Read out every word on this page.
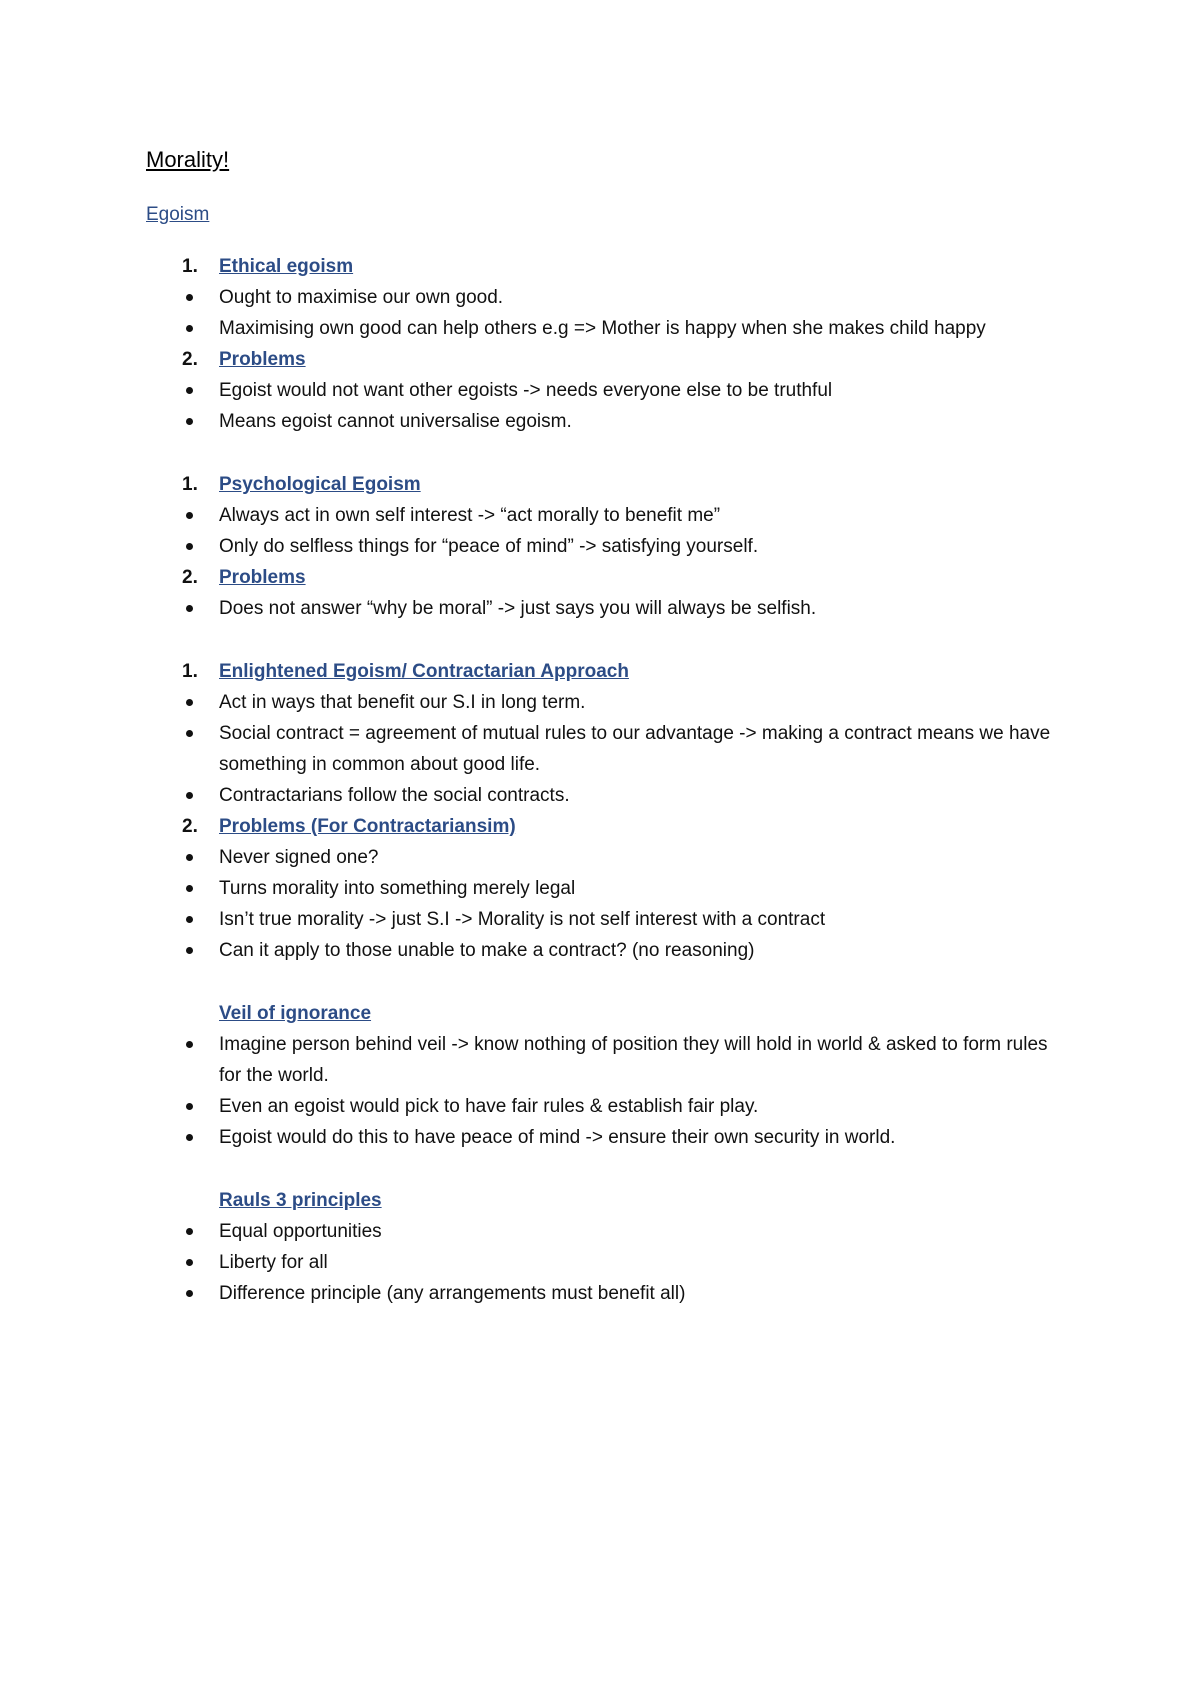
Morality!
Egoism
1.	Ethical egoism
Ought to maximise our own good.
Maximising own good can help others e.g => Mother is happy when she makes child happy
2.	Problems
Egoist would not want other egoists -> needs everyone else to be truthful
Means egoist cannot universalise egoism.
1.	Psychological Egoism
Always act in own self interest -> “act morally to benefit me”
Only do selfless things for “peace of mind” -> satisfying yourself.
2.	Problems
Does not answer “why be moral” -> just says you will always be selfish.
1.	Enlightened Egoism/ Contractarian Approach
Act in ways that benefit our S.I in long term.
Social contract = agreement of mutual rules to our advantage -> making a contract means we have something in common about good life.
Contractarians follow the social contracts.
2.	Problems (For Contractariansim)
Never signed one?
Turns morality into something merely legal
Isn’t true morality -> just S.I -> Morality is not self interest with a contract
Can it apply to those unable to make a contract? (no reasoning)
Veil of ignorance
Imagine person behind veil -> know nothing of position they will hold in world & asked to form rules for the world.
Even an egoist would pick to have fair rules & establish fair play.
Egoist would do this to have peace of mind -> ensure their own security in world.
Rauls 3 principles
Equal opportunities
Liberty for all
Difference principle (any arrangements must benefit all)
